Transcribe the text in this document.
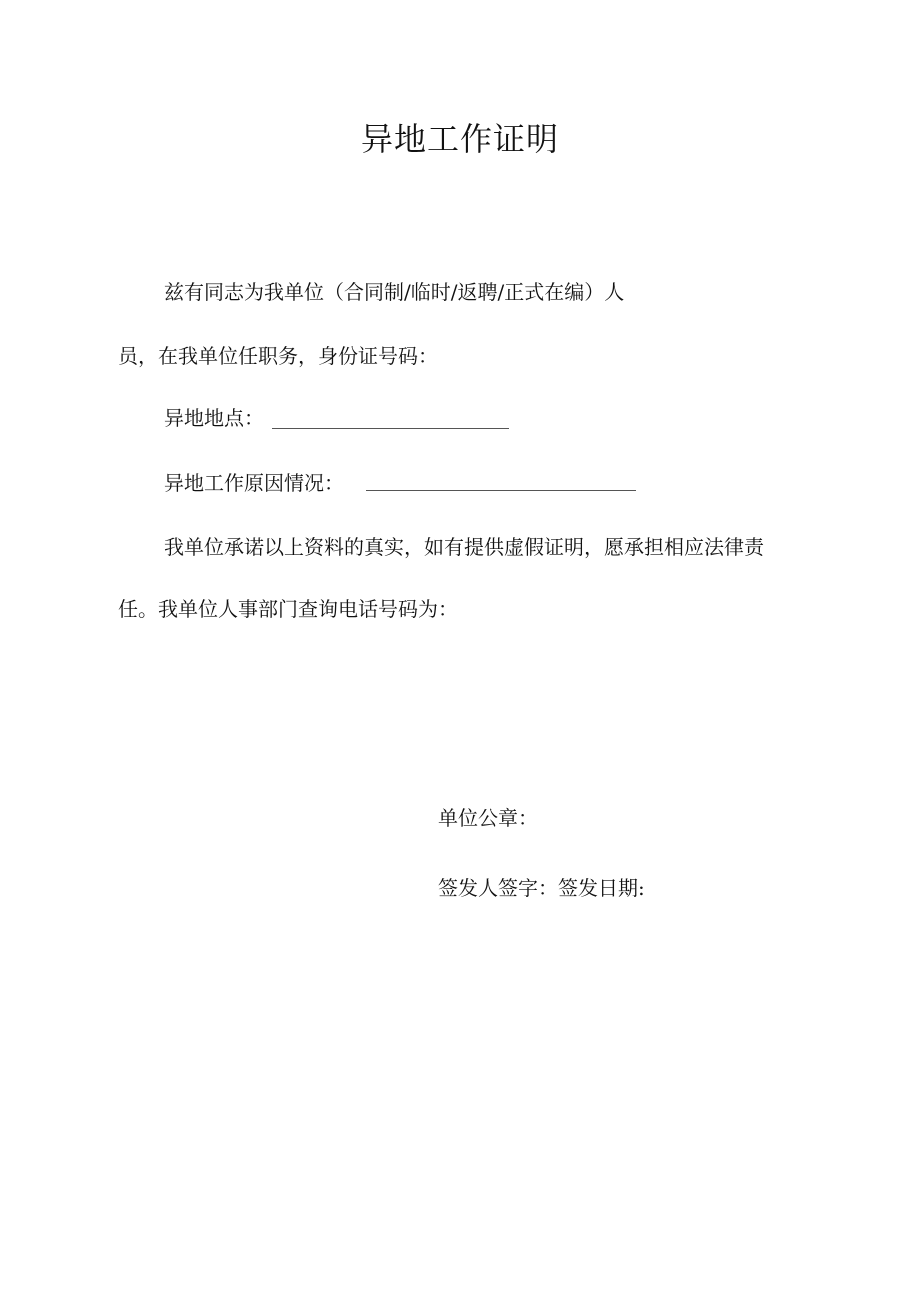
异地工作证明
兹有同志为我单位（合同制/临时/返聘/正式在编）人
员，在我单位任职务，身份证号码：
异地地点：
异地工作原因情况：
我单位承诺以上资料的真实，如有提供虚假证明，愿承担相应法律责
任。我单位人事部门查询电话号码为：
单位公章：
签发人签字：签发日期:
